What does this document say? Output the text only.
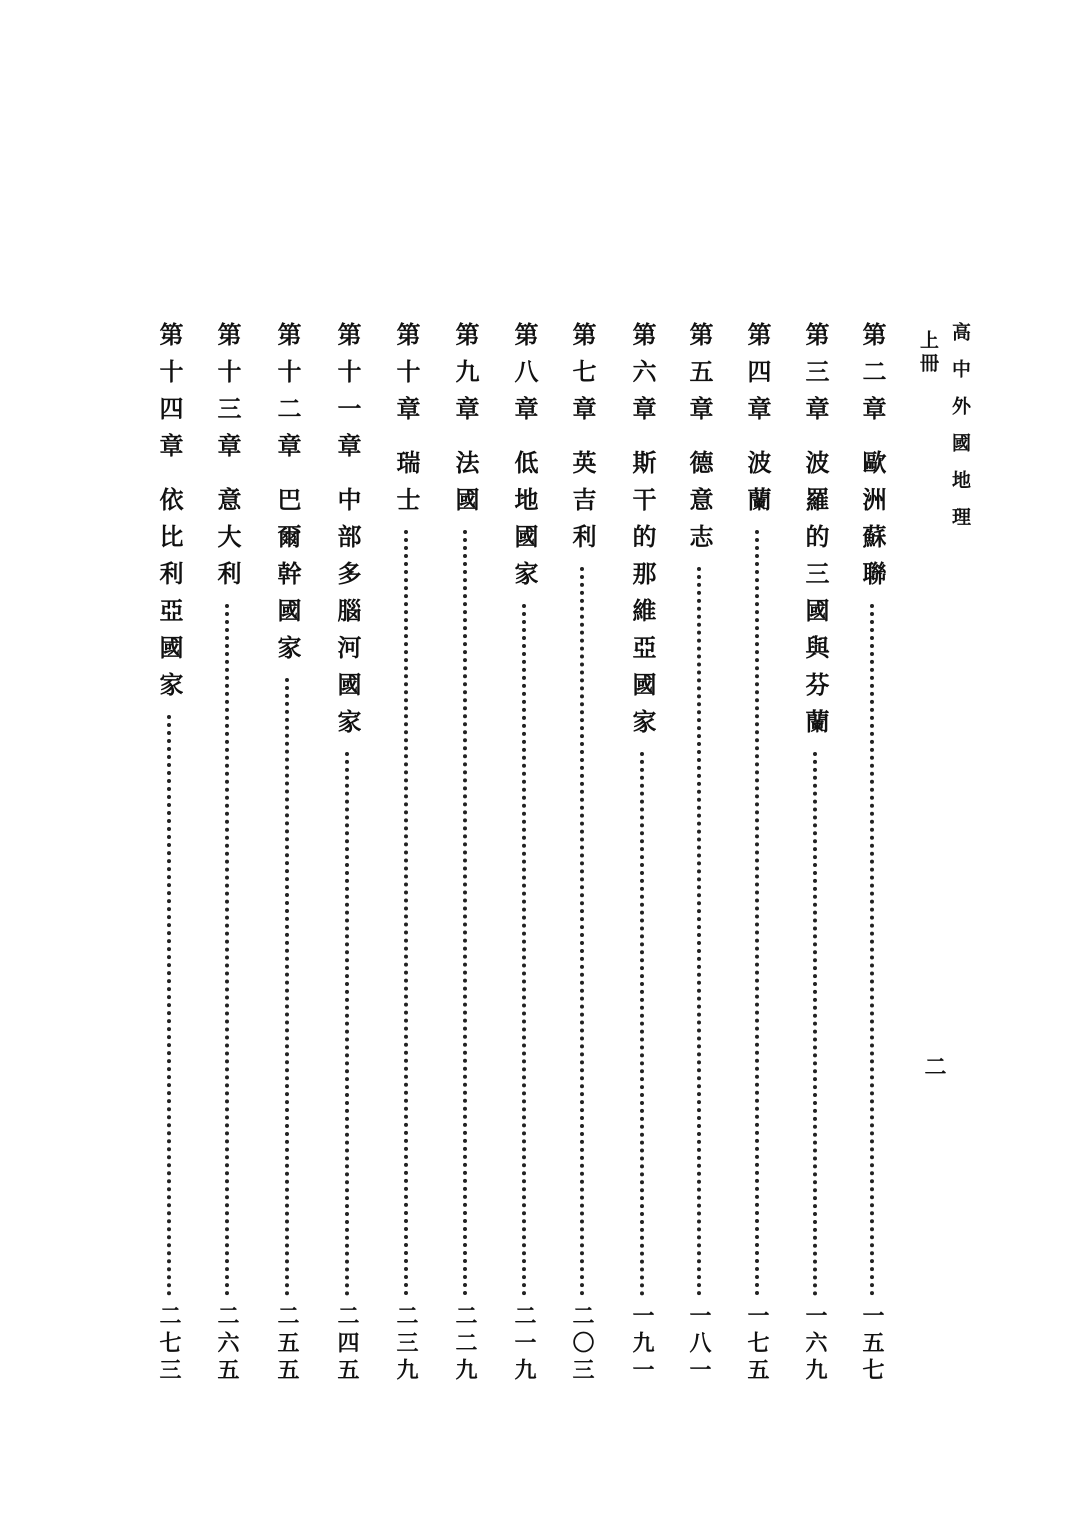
高中外國地理
上冊
二
第二章
歐洲蘇聯
一五七
第三章
波羅的三國與芬蘭
一六九
第四章
波蘭
一七五
第五章
德意志
一八一
第六章
斯干的那維亞國家
一九一
第七章
英吉利
二〇三
第八章
低地國家
二一九
第九章
法國
二二九
第十章
瑞士
二三九
第十一章
中部多腦河國家
二四五
第十二章
巴爾幹國家
二五五
第十三章
意大利
二六五
第十四章
依比利亞國家
二七三
